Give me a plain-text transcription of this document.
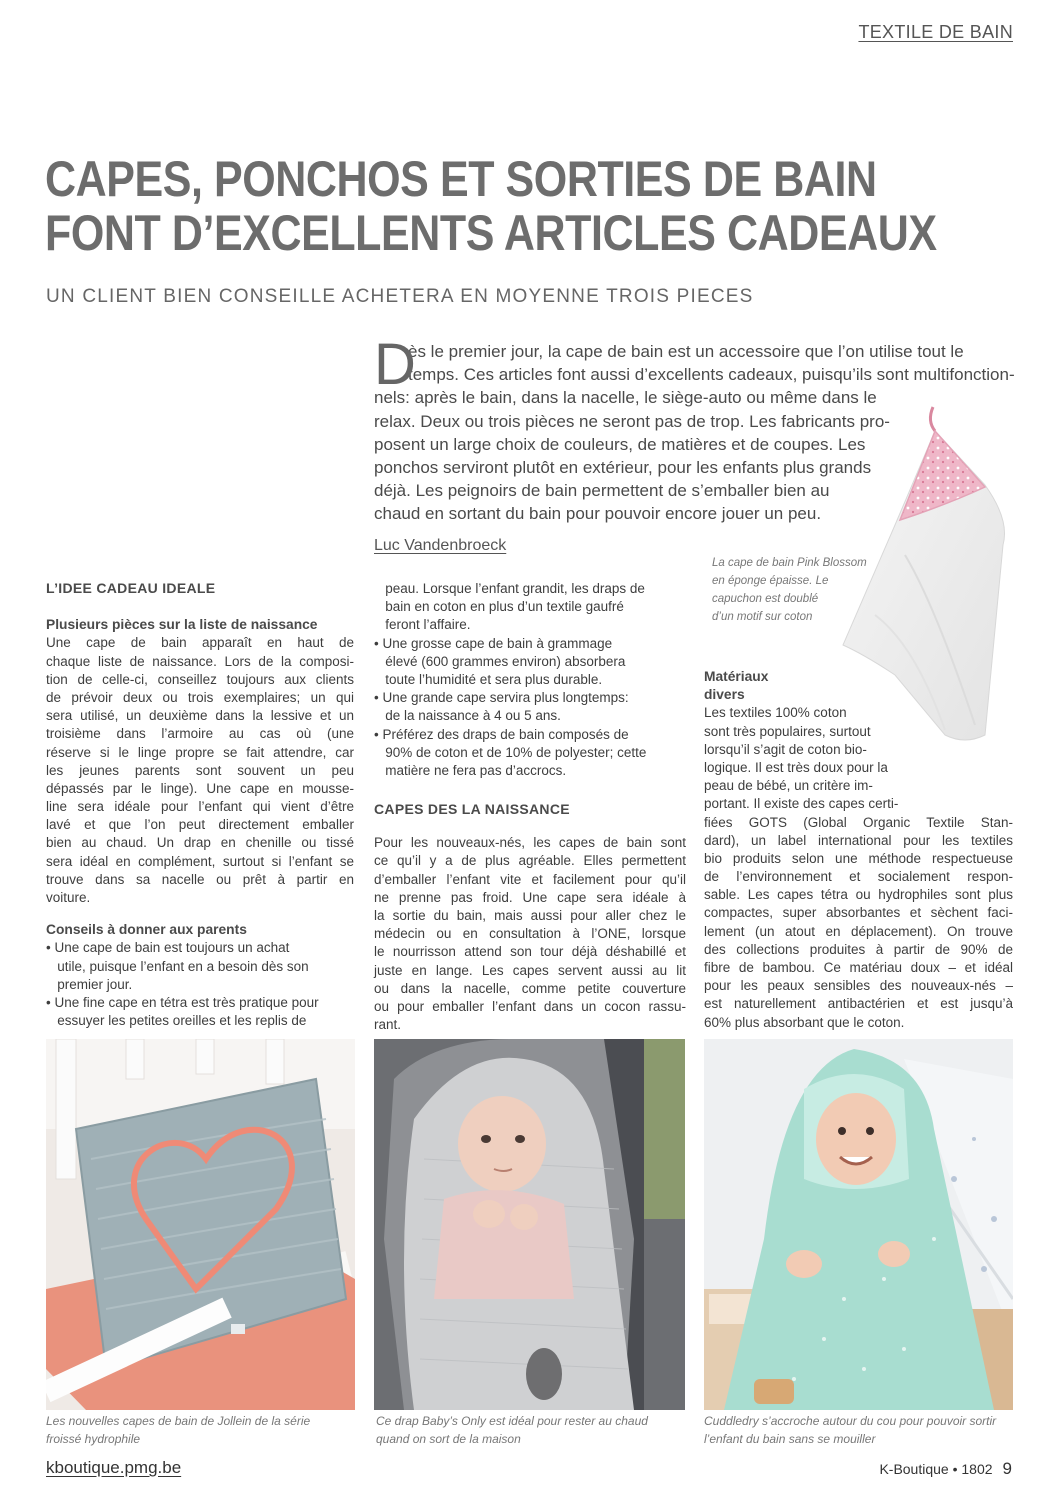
TEXTILE DE BAIN
CAPES, PONCHOS ET SORTIES DE BAIN
FONT D’EXCELLENTS ARTICLES CADEAUX
UN CLIENT BIEN CONSEILLE ACHETERA EN MOYENNE TROIS PIECES
D
ès le premier jour, la cape de bain est un accessoire que l’on utilise tout le
temps. Ces articles font aussi d’excellents cadeaux, puisqu’ils sont multifonction-
nels: après le bain, dans la nacelle, le siège-auto ou même dans le
relax. Deux ou trois pièces ne seront pas de trop. Les fabricants pro-
posent un large choix de couleurs, de matières et de coupes. Les
ponchos serviront plutôt en extérieur, pour les enfants plus grands
déjà. Les peignoirs de bain permettent de s’emballer bien au
chaud en sortant du bain pour pouvoir encore jouer un peu.
Luc Vandenbroeck
La cape de bain Pink Blossom
en éponge épaisse. Le
capuchon est doublé
d’un motif sur coton
L’IDEE CADEAU IDEALE
Plusieurs pièces sur la liste de naissance
Une cape de bain apparaît en haut de
chaque liste de naissance. Lors de la composi-
tion de celle-ci, conseillez toujours aux clients
de prévoir deux ou trois exemplaires; un qui
sera utilisé, un deuxième dans la lessive et un
troisième dans l’armoire au cas où (une
réserve si le linge propre se fait attendre, car
les jeunes parents sont souvent un peu
dépassés par le linge). Une cape en mousse-
line sera idéale pour l’enfant qui vient d’être
lavé et que l’on peut directement emballer
bien au chaud. Un drap en chenille ou tissé
sera idéal en complément, surtout si l’enfant se
trouve dans sa nacelle ou prêt à partir en
voiture.
Conseils à donner aux parents
• Une cape de bain est toujours un achat
utile, puisque l’enfant en a besoin dès son
premier jour.
• Une fine cape en tétra est très pratique pour
essuyer les petites oreilles et les replis de
peau. Lorsque l’enfant grandit, les draps de
bain en coton en plus d’un textile gaufré
feront l’affaire.
• Une grosse cape de bain à grammage
élevé (600 grammes environ) absorbera
toute l’humidité et sera plus durable.
• Une grande cape servira plus longtemps:
de la naissance à 4 ou 5 ans.
• Préférez des draps de bain composés de
90% de coton et de 10% de polyester; cette
matière ne fera pas d’accrocs.
CAPES DES LA NAISSANCE
Pour les nouveaux-nés, les capes de bain sont
ce qu’il y a de plus agréable. Elles permettent
d’emballer l’enfant vite et facilement pour qu’il
ne prenne pas froid. Une cape sera idéale à
la sortie du bain, mais aussi pour aller chez le
médecin ou en consultation à l’ONE, lorsque
le nourrisson attend son tour déjà déshabillé et
juste en lange. Les capes servent aussi au lit
ou dans la nacelle, comme petite couverture
ou pour emballer l’enfant dans un cocon rassu-
rant.
Matériaux
divers
Les textiles 100% coton
sont très populaires, surtout
lorsqu’il s’agit de coton bio-
logique. Il est très doux pour la
peau de bébé, un critère im-
portant. Il existe des capes certi-
fiées GOTS (Global Organic Textile Stan-
dard), un label international pour les textiles
bio produits selon une méthode respectueuse
de l’environnement et socialement respon-
sable. Les capes tétra ou hydrophiles sont plus
compactes, super absorbantes et sèchent faci-
lement (un atout en déplacement). On trouve
des collections produites à partir de 90% de
fibre de bambou. Ce matériau doux – et idéal
pour les peaux sensibles des nouveaux-nés –
est naturellement antibactérien et est jusqu’à
60% plus absorbant que le coton.
Les nouvelles capes de bain de Jollein de la série
froissé hydrophile
Ce drap Baby’s Only est idéal pour rester au chaud
quand on sort de la maison
Cuddledry s’accroche autour du cou pour pouvoir sortir
l’enfant du bain sans se mouiller
kboutique.pmg.be	K-Boutique • 1802 9
